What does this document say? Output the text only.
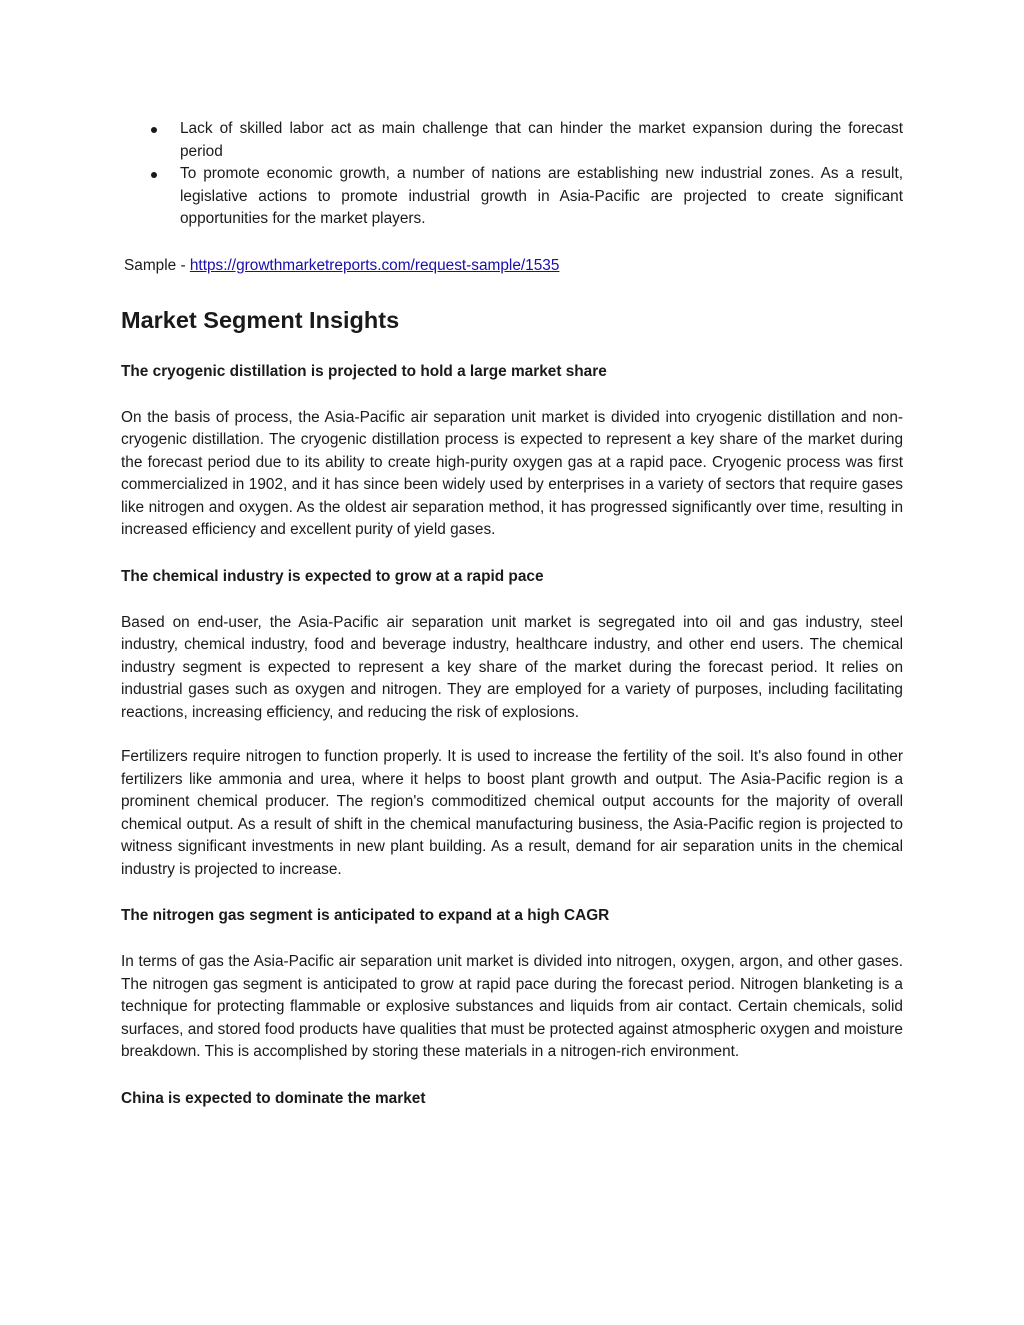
Lack of skilled labor act as main challenge that can hinder the market expansion during the forecast period
To promote economic growth, a number of nations are establishing new industrial zones. As a result, legislative actions to promote industrial growth in Asia-Pacific are projected to create significant opportunities for the market players.
Sample - https://growthmarketreports.com/request-sample/1535
Market Segment Insights
The cryogenic distillation is projected to hold a large market share

On the basis of process, the Asia-Pacific air separation unit market is divided into cryogenic distillation and non-cryogenic distillation. The cryogenic distillation process is expected to represent a key share of the market during the forecast period due to its ability to create high-purity oxygen gas at a rapid pace. Cryogenic process was first commercialized in 1902, and it has since been widely used by enterprises in a variety of sectors that require gases like nitrogen and oxygen. As the oldest air separation method, it has progressed significantly over time, resulting in increased efficiency and excellent purity of yield gases.

The chemical industry is expected to grow at a rapid pace

Based on end-user, the Asia-Pacific air separation unit market is segregated into oil and gas industry, steel industry, chemical industry, food and beverage industry, healthcare industry, and other end users. The chemical industry segment is expected to represent a key share of the market during the forecast period. It relies on industrial gases such as oxygen and nitrogen. They are employed for a variety of purposes, including facilitating reactions, increasing efficiency, and reducing the risk of explosions.

Fertilizers require nitrogen to function properly. It is used to increase the fertility of the soil. It's also found in other fertilizers like ammonia and urea, where it helps to boost plant growth and output. The Asia-Pacific region is a prominent chemical producer. The region's commoditized chemical output accounts for the majority of overall chemical output. As a result of shift in the chemical manufacturing business, the Asia-Pacific region is projected to witness significant investments in new plant building. As a result, demand for air separation units in the chemical industry is projected to increase.

The nitrogen gas segment is anticipated to expand at a high CAGR

In terms of gas the Asia-Pacific air separation unit market is divided into nitrogen, oxygen, argon, and other gases. The nitrogen gas segment is anticipated to grow at rapid pace during the forecast period. Nitrogen blanketing is a technique for protecting flammable or explosive substances and liquids from air contact. Certain chemicals, solid surfaces, and stored food products have qualities that must be protected against atmospheric oxygen and moisture breakdown. This is accomplished by storing these materials in a nitrogen-rich environment.

China is expected to dominate the market
